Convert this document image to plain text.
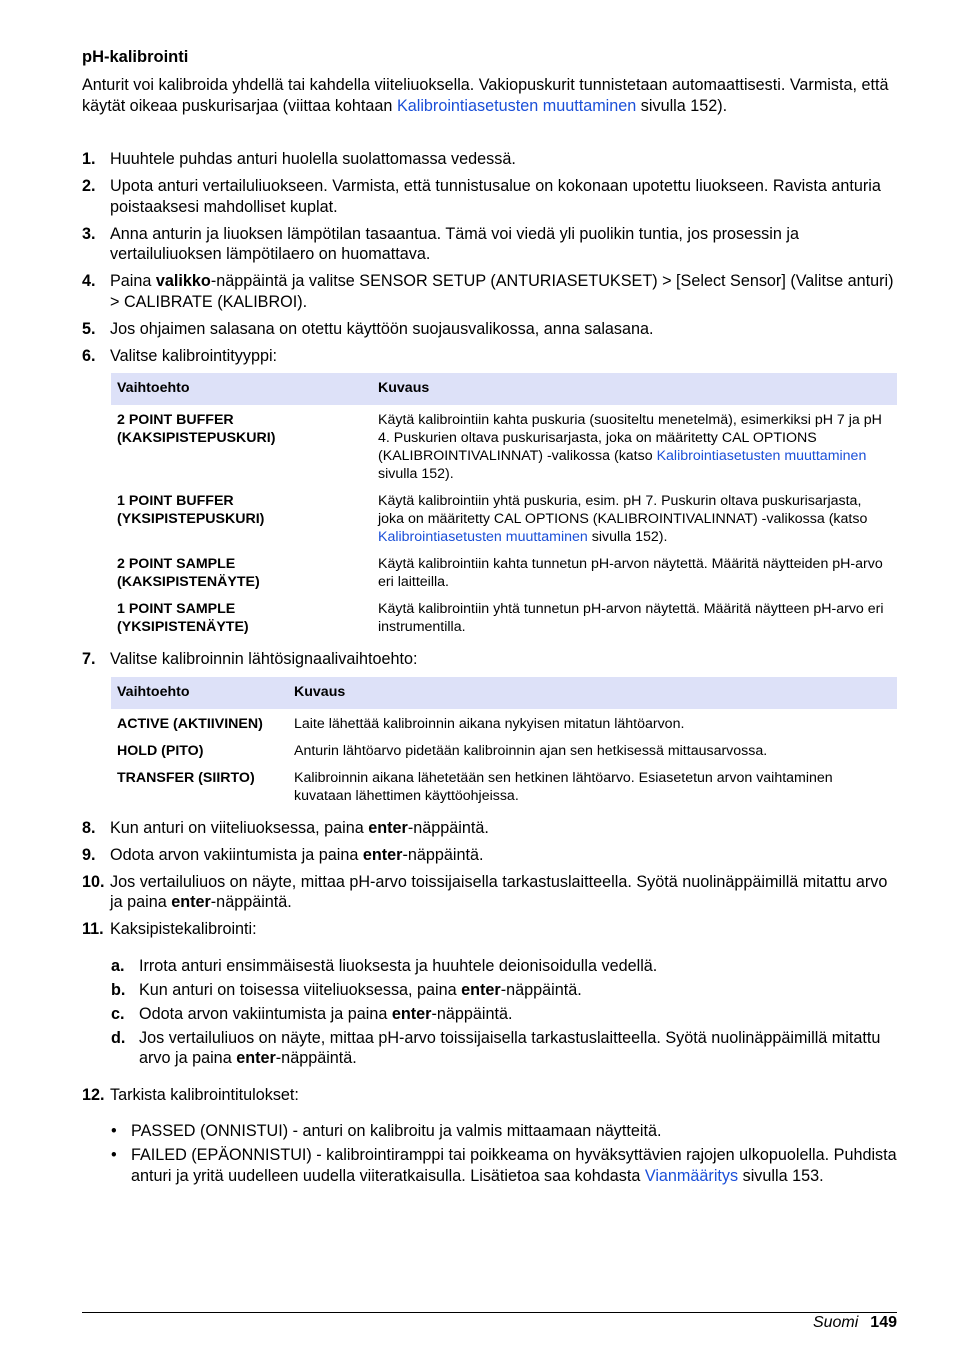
pH-kalibrointi

Anturit voi kalibroida yhdellä tai kahdella viiteliuoksella. Vakiopuskurit tunnistetaan automaattisesti. Varmista, että käytät oikeaa puskurisarjaa (viittaa kohtaan Kalibrointiasetusten muuttaminen sivulla 152).

1. Huuhtele puhdas anturi huolella suolattomassa vedessä.
2. Upota anturi vertailuliuokseen. Varmista, että tunnistusalue on kokonaan upotettu liuokseen. Ravista anturia poistaaksesi mahdolliset kuplat.
3. Anna anturin ja liuoksen lämpötilan tasaantua. Tämä voi viedä yli puolikin tuntia, jos prosessin ja vertailuliuoksen lämpötilaero on huomattava.
4. Paina valikko-näppäintä ja valitse SENSOR SETUP (ANTURIASETUKSET) > [Select Sensor] (Valitse anturi) > CALIBRATE (KALIBROI).
5. Jos ohjaimen salasana on otettu käyttöön suojausvalikossa, anna salasana.
6. Valitse kalibrointityyppi:
Vaihtoehto	Kuvaus
2 POINT BUFFER (KAKSIPISTEPUSKURI)	Käytä kalibrointiin kahta puskuria (suositeltu menetelmä), esimerkiksi pH 7 ja pH 4. Puskurien oltava puskurisarjasta, joka on määritetty CAL OPTIONS (KALIBROINTIVALINNAT) -valikossa (katso Kalibrointiasetusten muuttaminen sivulla 152).
1 POINT BUFFER (YKSIPISTEPUSKURI)	Käytä kalibrointiin yhtä puskuria, esim. pH 7. Puskurin oltava puskurisarjasta, joka on määritetty CAL OPTIONS (KALIBROINTIVALINNAT) -valikossa (katso Kalibrointiasetusten muuttaminen sivulla 152).
2 POINT SAMPLE (KAKSIPISTENÄYTE)	Käytä kalibrointiin kahta tunnetun pH-arvon näytettä. Määritä näytteiden pH-arvo eri laitteilla.
1 POINT SAMPLE (YKSIPISTENÄYTE)	Käytä kalibrointiin yhtä tunnetun pH-arvon näytettä. Määritä näytteen pH-arvo eri instrumentilla.
7. Valitse kalibroinnin lähtösignaalivaihtoehto:
Vaihtoehto	Kuvaus
ACTIVE (AKTIIVINEN)	Laite lähettää kalibroinnin aikana nykyisen mitatun lähtöarvon.
HOLD (PITO)	Anturin lähtöarvo pidetään kalibroinnin ajan sen hetkisessä mittausarvossa.
TRANSFER (SIIRTO)	Kalibroinnin aikana lähetetään sen hetkinen lähtöarvo. Esiasetetun arvon vaihtaminen kuvataan lähettimen käyttöohjeissa.
8. Kun anturi on viiteliuoksessa, paina enter-näppäintä.
9. Odota arvon vakiintumista ja paina enter-näppäintä.
10. Jos vertailuliuos on näyte, mittaa pH-arvo toissijaisella tarkastuslaitteella. Syötä nuolinäppäimillä mitattu arvo ja paina enter-näppäintä.
11. Kaksipistekalibrointi:
a. Irrota anturi ensimmäisestä liuoksesta ja huuhtele deionisoidulla vedellä.
b. Kun anturi on toisessa viiteliuoksessa, paina enter-näppäintä.
c. Odota arvon vakiintumista ja paina enter-näppäintä.
d. Jos vertailuliuos on näyte, mittaa pH-arvo toissijaisella tarkastuslaitteella. Syötä nuolinäppäimillä mitattu arvo ja paina enter-näppäintä.
12. Tarkista kalibrointitulokset:
• PASSED (ONNISTUI) - anturi on kalibroitu ja valmis mittaamaan näytteitä.
• FAILED (EPÄONNISTUI) - kalibrointiramppi tai poikkeama on hyväksyttävien rajojen ulkopuolella. Puhdista anturi ja yritä uudelleen uudella viiteratkaisulla. Lisätietoa saa kohdasta Vianmääritys sivulla 153.
Suomi 149
